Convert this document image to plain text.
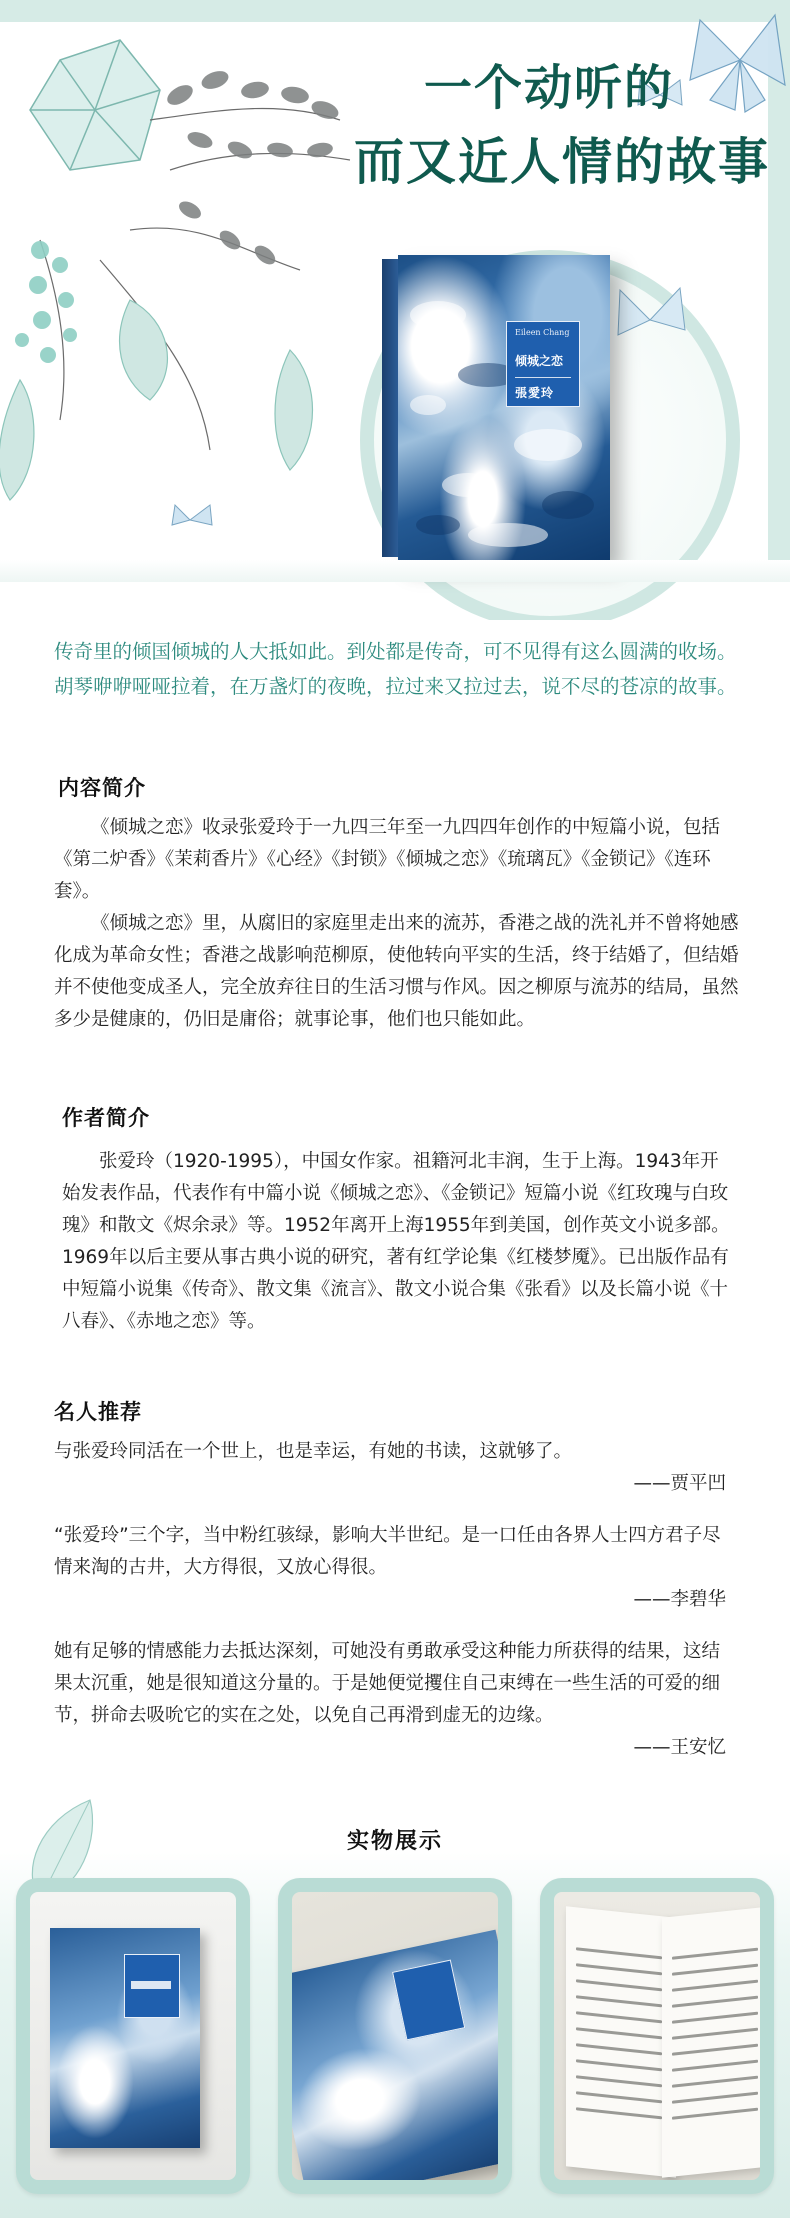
一个动听的
而又近人情的故事
Eileen Chang
倾城之恋
張愛玲

传奇里的倾国倾城的人大抵如此。到处都是传奇，可不见得有这么圆满的收场。胡琴咿咿哑哑拉着，在万盏灯的夜晚，拉过来又拉过去，说不尽的苍凉的故事。

内容简介

《倾城之恋》收录张爱玲于一九四三年至一九四四年创作的中短篇小说，包括《第二炉香》《茉莉香片》《心经》《封锁》《倾城之恋》《琉璃瓦》《金锁记》《连环套》。

《倾城之恋》里，从腐旧的家庭里走出来的流苏，香港之战的洗礼并不曾将她感化成为革命女性；香港之战影响范柳原，使他转向平实的生活，终于结婚了，但结婚并不使他变成圣人，完全放弃往日的生活习惯与作风。因之柳原与流苏的结局，虽然多少是健康的，仍旧是庸俗；就事论事，他们也只能如此。

作者简介

张爱玲（1920-1995），中国女作家。祖籍河北丰润，生于上海。1943年开始发表作品，代表作有中篇小说《倾城之恋》、《金锁记》短篇小说《红玫瑰与白玫瑰》和散文《烬余录》等。1952年离开上海1955年到美国，创作英文小说多部。1969年以后主要从事古典小说的研究，著有红学论集《红楼梦魇》。已出版作品有中短篇小说集《传奇》、散文集《流言》、散文小说合集《张看》以及长篇小说《十八春》、《赤地之恋》等。

名人推荐
与张爱玲同活在一个世上，也是幸运，有她的书读，这就够了。
——贾平凹
“张爱玲”三个字，当中粉红骇绿，影响大半世纪。是一口任由各界人士四方君子尽情来淘的古井，大方得很，又放心得很。
——李碧华
她有足够的情感能力去抵达深刻，可她没有勇敢承受这种能力所获得的结果，这结果太沉重，她是很知道这分量的。于是她便觉攫住自己束缚在一些生活的可爱的细节，拼命去吸吮它的实在之处，以免自己再滑到虚无的边缘。
——王安忆
实物展示
